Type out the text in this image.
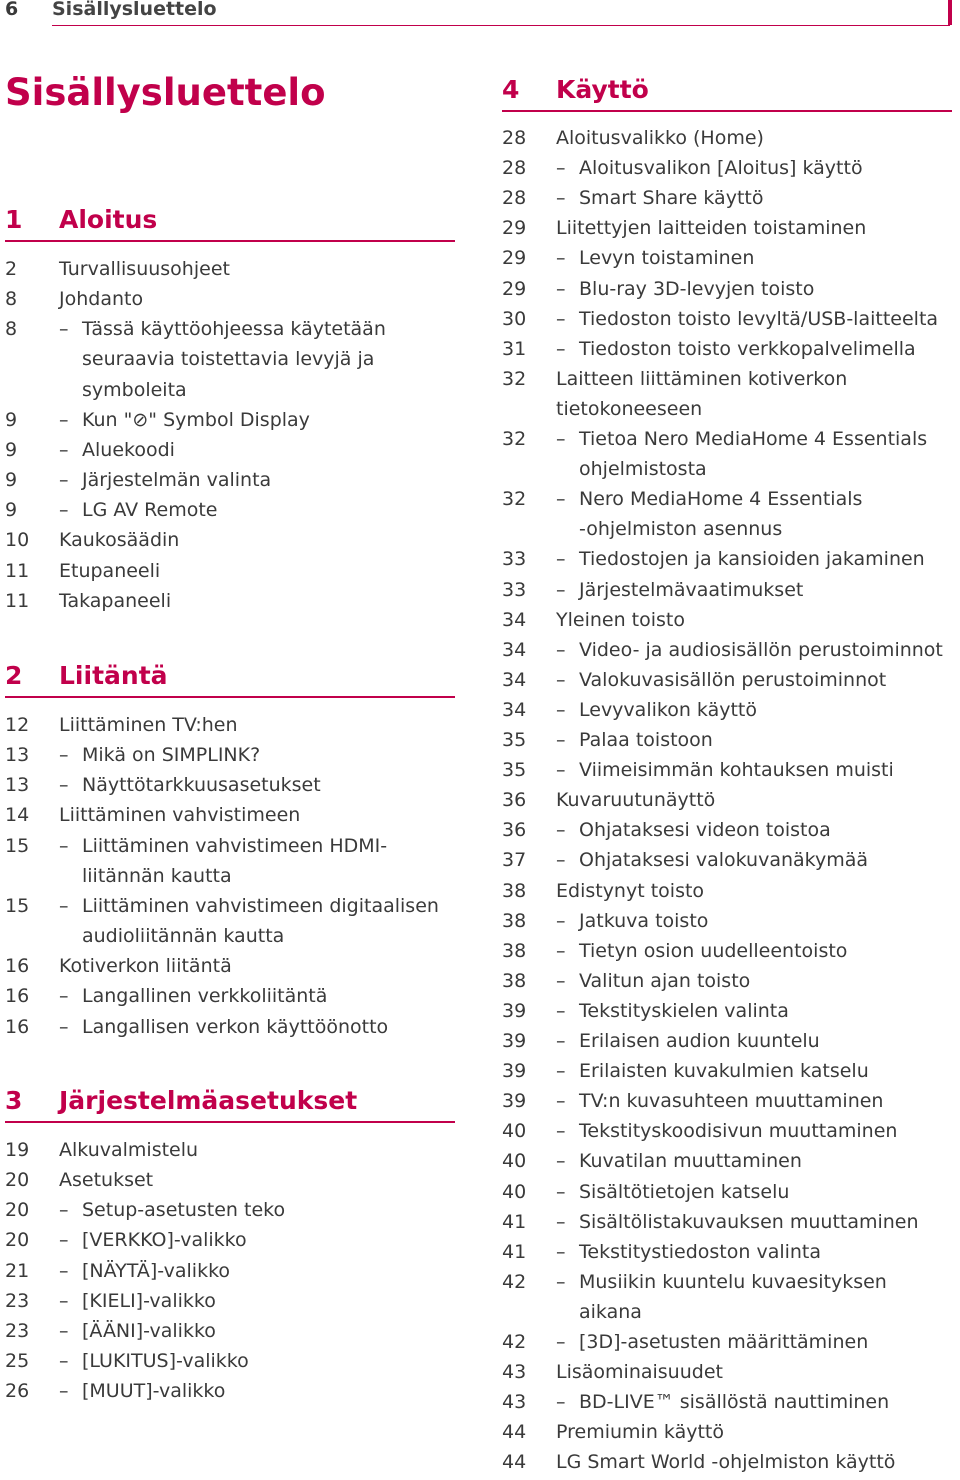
6 Sisällysluettelo
Sisällysluettelo
1 Aloitus
2 Turvallisuusohjeet
8 Johdanto
8 – Tässä käyttöohjeessa käytetään
seuraavia toistettavia levyjä ja
symboleita
9 – Kun "⊘" Symbol Display
9 – Aluekoodi
9 – Järjestelmän valinta
9 – LG AV Remote
10 Kaukosäädin
11 Etupaneeli
11 Takapaneeli
2 Liitäntä
12 Liittäminen TV:hen
13 – Mikä on SIMPLINK?
13 – Näyttötarkkuusasetukset
14 Liittäminen vahvistimeen
15 – Liittäminen vahvistimeen HDMI-
liitännän kautta
15 – Liittäminen vahvistimeen digitaalisen
audioliitännän kautta
16 Kotiverkon liitäntä
16 – Langallinen verkkoliitäntä
16 – Langallisen verkon käyttöönotto
3 Järjestelmäasetukset
19 Alkuvalmistelu
20 Asetukset
20 – Setup-asetusten teko
20 – [VERKKO]-valikko
21 – [NÄYTÄ]-valikko
23 – [KIELI]-valikko
23 – [ÄÄNI]-valikko
25 – [LUKITUS]-valikko
26 – [MUUT]-valikko
4 Käyttö
28 Aloitusvalikko (Home)
28 – Aloitusvalikon [Aloitus] käyttö
28 – Smart Share käyttö
29 Liitettyjen laitteiden toistaminen
29 – Levyn toistaminen
29 – Blu-ray 3D-levyjen toisto
30 – Tiedoston toisto levyltä/USB-laitteelta
31 – Tiedoston toisto verkkopalvelimella
32 Laitteen liittäminen kotiverkon
tietokoneeseen
32 – Tietoa Nero MediaHome 4 Essentials
ohjelmistosta
32 – Nero MediaHome 4 Essentials
-ohjelmiston asennus
33 – Tiedostojen ja kansioiden jakaminen
33 – Järjestelmävaatimukset
34 Yleinen toisto
34 – Video- ja audiosisällön perustoiminnot
34 – Valokuvasisällön perustoiminnot
34 – Levyvalikon käyttö
35 – Palaa toistoon
35 – Viimeisimmän kohtauksen muisti
36 Kuvaruutunäyttö
36 – Ohjataksesi videon toistoa
37 – Ohjataksesi valokuvanäkymää
38 Edistynyt toisto
38 – Jatkuva toisto
38 – Tietyn osion uudelleentoisto
38 – Valitun ajan toisto
39 – Tekstityskielen valinta
39 – Erilaisen audion kuuntelu
39 – Erilaisten kuvakulmien katselu
39 – TV:n kuvasuhteen muuttaminen
40 – Tekstityskoodisivun muuttaminen
40 – Kuvatilan muuttaminen
40 – Sisältötietojen katselu
41 – Sisältölistakuvauksen muuttaminen
41 – Tekstitystiedoston valinta
42 – Musiikin kuuntelu kuvaesityksen
aikana
42 – [3D]-asetusten määrittäminen
43 Lisäominaisuudet
43 – BD-LIVE™ sisällöstä nauttiminen
44 Premiumin käyttö
44 LG Smart World -ohjelmiston käyttö
